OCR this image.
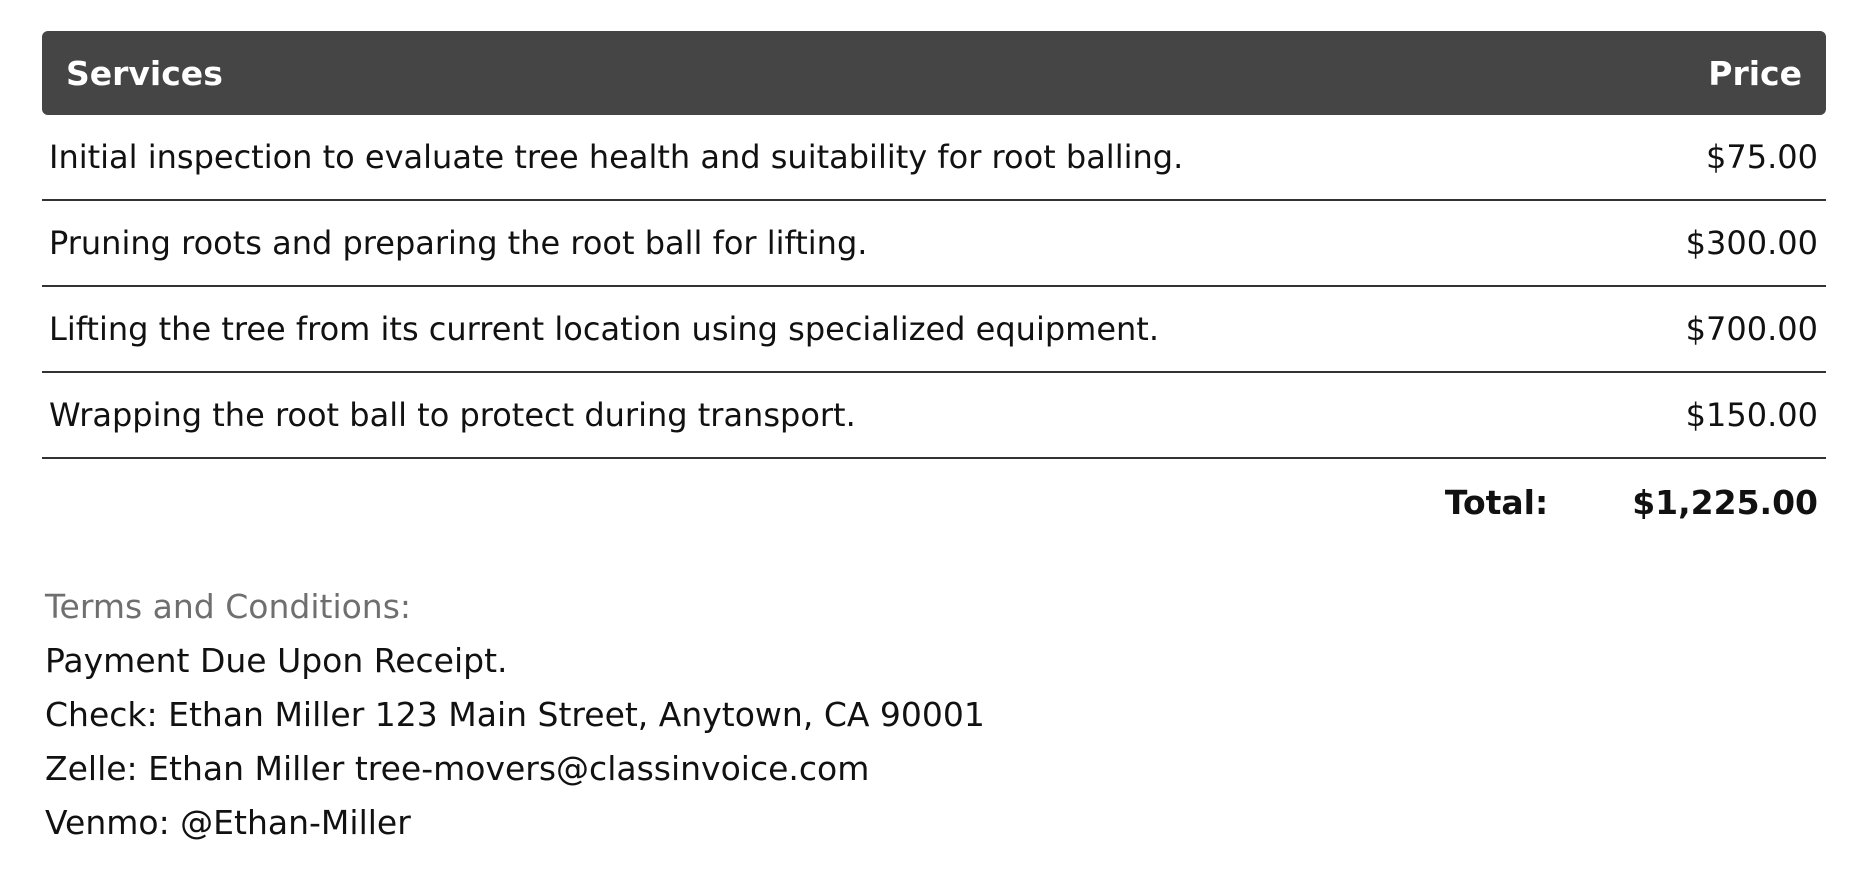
Services	Price
Initial inspection to evaluate tree health and suitability for root balling.	$75.00
Pruning roots and preparing the root ball for lifting.	$300.00
Lifting the tree from its current location using specialized equipment.	$700.00
Wrapping the root ball to protect during transport.	$150.00
Total:	$1,225.00
Terms and Conditions:
Payment Due Upon Receipt.
Check: Ethan Miller 123 Main Street, Anytown, CA 90001
Zelle: Ethan Miller tree-movers@classinvoice.com
Venmo: @Ethan-Miller
